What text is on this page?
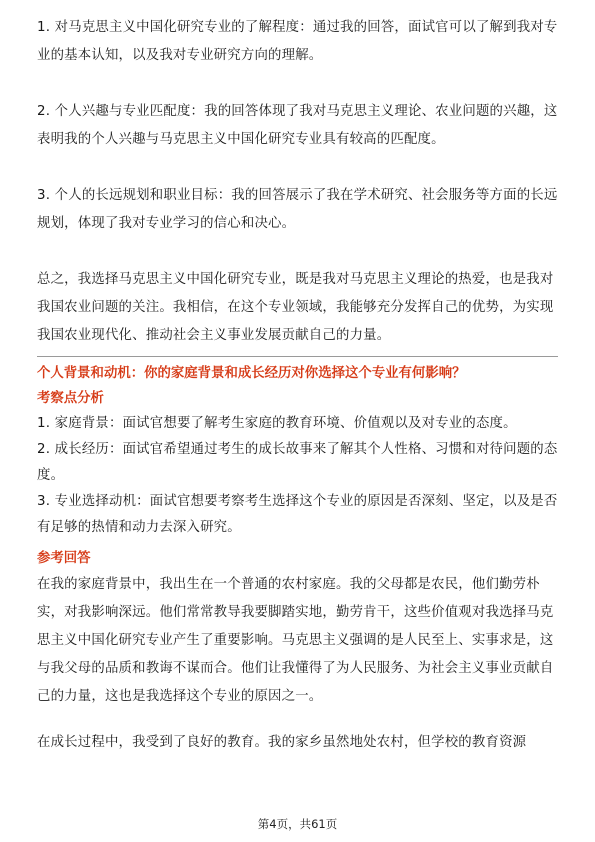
1. 对马克思主义中国化研究专业的了解程度：通过我的回答，面试官可以了解到我对专业的基本认知，以及我对专业研究方向的理解。

2. 个人兴趣与专业匹配度：我的回答体现了我对马克思主义理论、农业问题的兴趣，这表明我的个人兴趣与马克思主义中国化研究专业具有较高的匹配度。

3. 个人的长远规划和职业目标：我的回答展示了我在学术研究、社会服务等方面的长远规划，体现了我对专业学习的信心和决心。

总之，我选择马克思主义中国化研究专业，既是我对马克思主义理论的热爱，也是我对我国农业问题的关注。我相信，在这个专业领域，我能够充分发挥自己的优势，为实现我国农业现代化、推动社会主义事业发展贡献自己的力量。

个人背景和动机：你的家庭背景和成长经历对你选择这个专业有何影响？

考察点分析

1. 家庭背景：面试官想要了解考生家庭的教育环境、价值观以及对专业的态度。

2. 成长经历：面试官希望通过考生的成长故事来了解其个人性格、习惯和对待问题的态度。

3. 专业选择动机：面试官想要考察考生选择这个专业的原因是否深刻、坚定，以及是否有足够的热情和动力去深入研究。

参考回答

在我的家庭背景中，我出生在一个普通的农村家庭。我的父母都是农民，他们勤劳朴实，对我影响深远。他们常常教导我要脚踏实地，勤劳肯干，这些价值观对我选择马克思主义中国化研究专业产生了重要影响。马克思主义强调的是人民至上、实事求是，这与我父母的品质和教诲不谋而合。他们让我懂得了为人民服务、为社会主义事业贡献自己的力量，这也是我选择这个专业的原因之一。

在成长过程中，我受到了良好的教育。我的家乡虽然地处农村，但学校的教育资源

第4页，共61页
